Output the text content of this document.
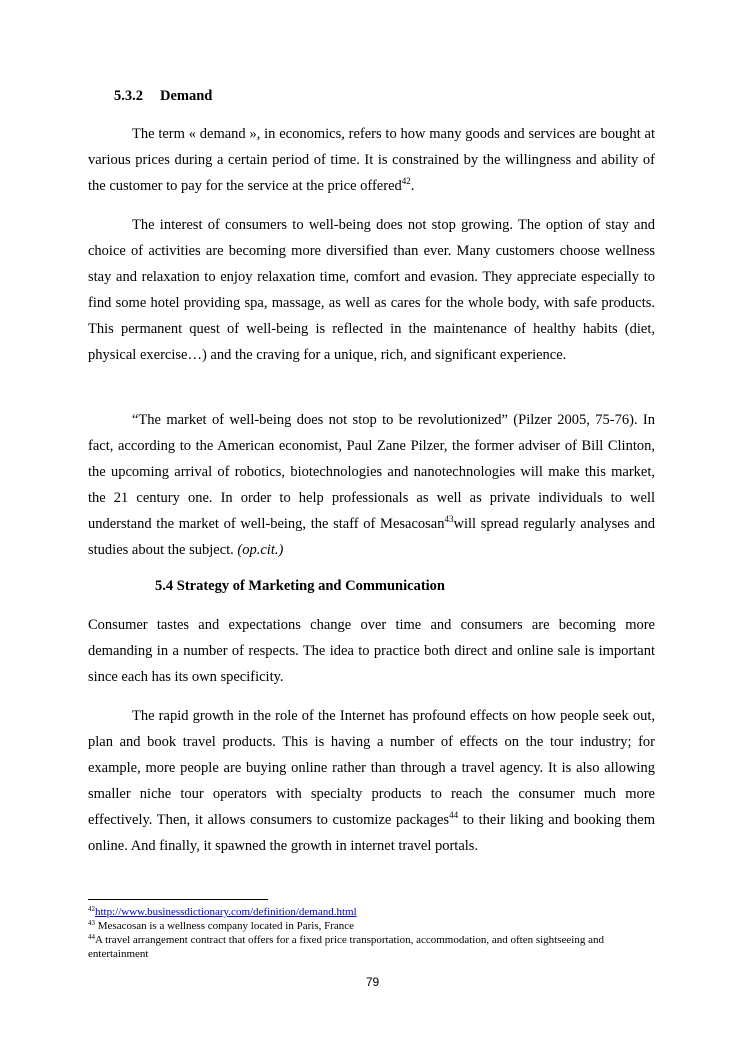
5.3.2 Demand

The term « demand », in economics, refers to how many goods and services are bought at various prices during a certain period of time. It is constrained by the willingness and ability of the customer to pay for the service at the price offered$^{42}$.

The interest of consumers to well-being does not stop growing. The option of stay and choice of activities are becoming more diversified than ever. Many customers choose wellness stay and relaxation to enjoy relaxation time, comfort and evasion. They appreciate especially to find some hotel providing spa, massage, as well as cares for the whole body, with safe products. This permanent quest of well-being is reflected in the maintenance of healthy habits (diet, physical exercise…) and the craving for a unique, rich, and significant experience.

“The market of well-being does not stop to be revolutionized” (Pilzer 2005, 75-76). In fact, according to the American economist, Paul Zane Pilzer, the former adviser of Bill Clinton, the upcoming arrival of robotics, biotechnologies and nanotechnologies will make this market, the 21 century one. In order to help professionals as well as private individuals to well understand the market of well-being, the staff of Mesacosan$^{43}$will spread regularly analyses and studies about the subject. (op.cit.)

5.4 Strategy of Marketing and Communication

Consumer tastes and expectations change over time and consumers are becoming more demanding in a number of respects. The idea to practice both direct and online sale is important since each has its own specificity.

The rapid growth in the role of the Internet has profound effects on how people seek out, plan and book travel products. This is having a number of effects on the tour industry; for example, more people are buying online rather than through a travel agency. It is also allowing smaller niche tour operators with specialty products to reach the consumer much more effectively. Then, it allows consumers to customize packages$^{44}$ to their liking and booking them online. And finally, it spawned the growth in internet travel portals.

$^{42}$http://www.businessdictionary.com/definition/demand.html

$^{43}$ Mesacosan is a wellness company located in Paris, France

$^{44}$A travel arrangement contract that offers for a fixed price transportation, accommodation, and often sightseeing and entertainment

79
